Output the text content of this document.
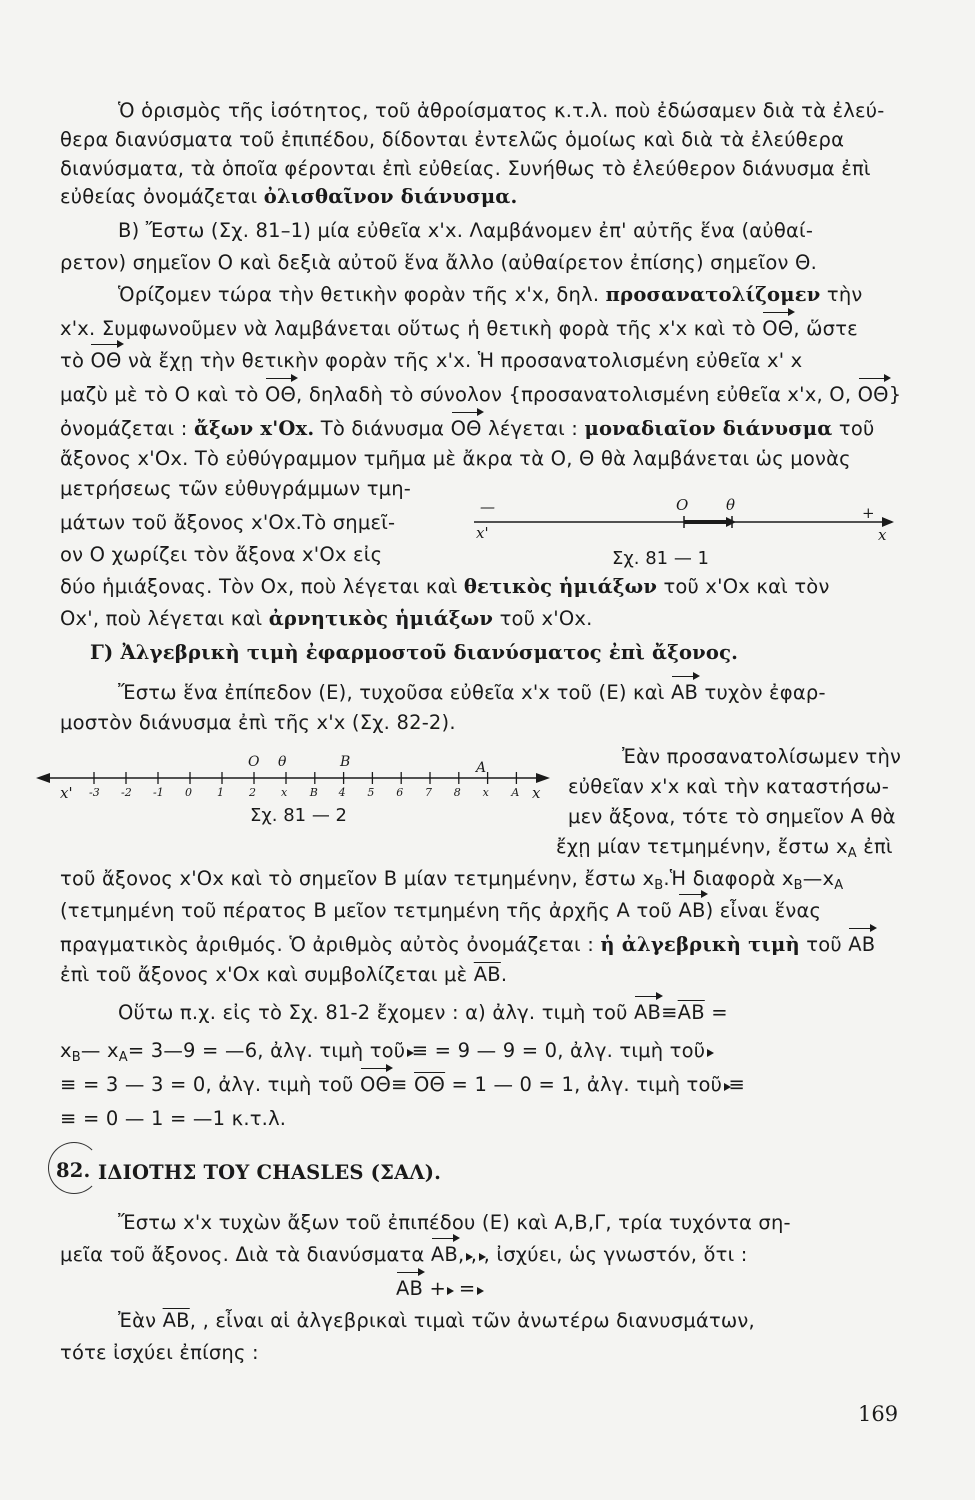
Ὁ ὁρισμὸς τῆς ἰσότητος, τοῦ ἀθροίσματος κ.τ.λ. ποὺ ἐδώσαμεν διὰ τὰ ἐλεύ-
θερα διανύσματα τοῦ ἐπιπέδου, δίδονται ἐντελῶς ὁμοίως καὶ διὰ τὰ ἐλεύθερα
διανύσματα, τὰ ὁποῖα φέρονται ἐπὶ εὐθείας. Συνήθως τὸ ἐλεύθερον διάνυσμα ἐπὶ
εὐθείας ὀνομάζεται ὀλισθαῖνον διάνυσμα.
Β) Ἔστω (Σχ. 81–1) μία εὐθεῖα x'x. Λαμβάνομεν ἐπ' αὐτῆς ἕνα (αὐθαί-
ρετον) σημεῖον Ο καὶ δεξιὰ αὐτοῦ ἕνα ἄλλο (αὐθαίρετον ἐπίσης) σημεῖον Θ.
Ὁρίζομεν τώρα τὴν θετικὴν φορὰν τῆς x'x, δηλ. προσανατολίζομεν τὴν
x'x. Συμφωνοῦμεν νὰ λαμβάνεται οὕτως ἡ θετικὴ φορὰ τῆς x'x καὶ τὸ ΟΘ, ὥστε
τὸ ΟΘ νὰ ἔχῃ τὴν θετικὴν φορὰν τῆς x'x. Ἡ προσανατολισμένη εὐθεῖα x' x
μαζὺ μὲ τὸ Ο καὶ τὸ ΟΘ, δηλαδὴ τὸ σύνολον {προσανατολισμένη εὐθεῖα x'x, O, ΟΘ}
ὀνομάζεται : ἄξων x'Ox. Τὸ διάνυσμα ΟΘ λέγεται : μοναδιαῖον διάνυσμα τοῦ
ἄξονος x'Ox. Τὸ εὐθύγραμμον τμῆμα μὲ ἄκρα τὰ Ο, Θ θὰ λαμβάνεται ὡς μονὰς
μετρήσεως τῶν εὐθυγράμμων τμη-
μάτων τοῦ ἄξονος x'Ox.Τὸ σημεῖ-
ον Ο χωρίζει τὸν ἄξονα x'Ox εἰς
O	θ	+
—
x'	x
Σχ. 81 — 1
δύο ἡμιάξονας. Τὸν Ox, ποὺ λέγεται καὶ θετικὸς ἡμιάξων τοῦ x'Ox καὶ τὸν
Ox', ποὺ λέγεται καὶ ἀρνητικὸς ἡμιάξων τοῦ x'Ox.
Γ) Ἀλγεβρικὴ τιμὴ ἐφαρμοστοῦ διανύσματος ἐπὶ ἄξονος.
Ἔστω ἕνα ἐπίπεδον (Ε), τυχοῦσα εὐθεῖα x'x τοῦ (Ε) καὶ ΑΒ τυχὸν ἐφαρ-
μοστὸν διάνυσμα ἐπὶ τῆς x'x (Σχ. 82-2).
-3 -2 -1 0 1 2 x B 4 5 6 7 8 x A
O θ	B	A
x'	x
Σχ. 81 — 2
Ἐὰν προσανατολίσωμεν τὴν
εὐθεῖαν x'x καὶ τὴν καταστήσω-
μεν ἄξονα, τότε τὸ σημεῖον Α θὰ
ἔχῃ μίαν τετμημένην, ἔστω $x_A$ ἐπὶ
τοῦ ἄξονος x'Ox καὶ τὸ σημεῖον Β μίαν τετμημένην, ἔστω $x_B.Ἡ$ διαφορὰ $x_B—x_A$
(τετμημένη τοῦ πέρατος Β μεῖον τετμημένη τῆς ἀρχῆς Α τοῦ ΑΒ) εἶναι ἕνας
πραγματικὸς ἀριθμός. Ὁ ἀριθμὸς αὐτὸς ὀνομάζεται : ἡ ἀλγεβρικὴ τιμὴ τοῦ ΑΒ
ἐπὶ τοῦ ἄξονος x'Ox καὶ συμβολίζεται μὲ $\overline{AB}$.
Οὕτω π.χ. εἰς τὸ Σχ. 81-2 ἔχομεν : α) ἀλγ. τιμὴ τοῦ $AB\equiv\overline{AB}$ =
$x_B—$ $x_A=$ 3—9 = —6, ἀλγ. τιμὴ τοῦ ≡ = 9 — 9 = 0, ἀλγ. τιμὴ τοῦ
≡ = 3 — 3 = 0, ἀλγ. τιμὴ τοῦ $O\Theta\equiv \overline{O\Theta} = 1$ — 0 = 1, ἀλγ. τιμὴ τοῦ ≡
≡ = 0 — 1 = —1 κ.τ.λ.
82. ΙΔΙΟΤΗΣ ΤΟΥ CHASLES (ΣΑΛ).
Ἔστω x'x τυχὼν ἄξων τοῦ ἐπιπέδου (Ε) καὶ Α,Β,Γ, τρία τυχόντα ση-
μεῖα τοῦ ἄξονος. Διὰ τὰ διανύσματα ΑΒ, , , ἰσχύει, ὡς γνωστόν, ὅτι :
ΑΒ + =
Ἐὰν $\overline{AB}$, , εἶναι αἱ ἀλγεβρικαὶ τιμαὶ τῶν ἀνωτέρω διανυσμάτων,
τότε ἰσχύει ἐπίσης :
169
